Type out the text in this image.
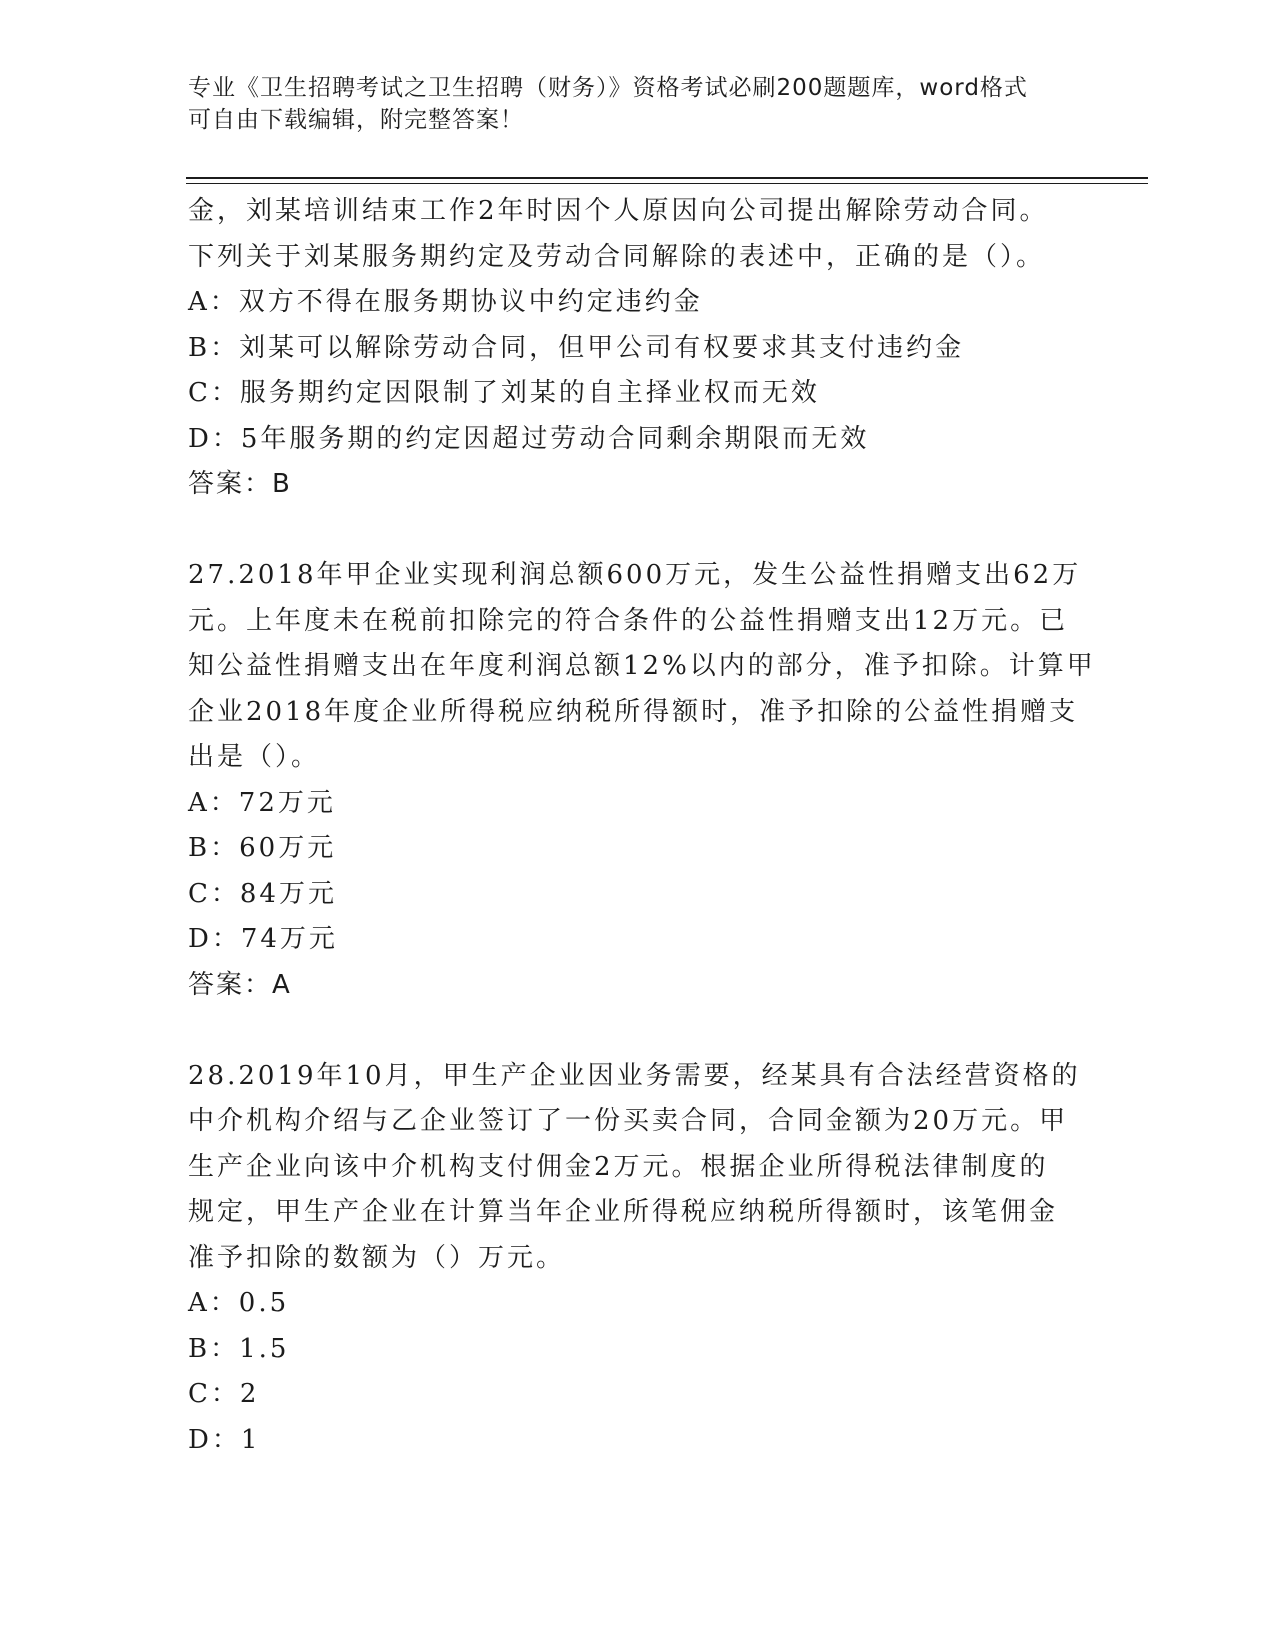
专业《卫生招聘考试之卫生招聘（财务）》资格考试必刷200题题库，word格式
可自由下载编辑，附完整答案！
金，刘某培训结束工作2年时因个人原因向公司提出解除劳动合同。
下列关于刘某服务期约定及劳动合同解除的表述中，正确的是（）。
A：双方不得在服务期协议中约定违约金
B：刘某可以解除劳动合同，但甲公司有权要求其支付违约金
C：服务期约定因限制了刘某的自主择业权而无效
D：5年服务期的约定因超过劳动合同剩余期限而无效
答案：B
27.2018年甲企业实现利润总额600万元，发生公益性捐赠支出62万
元。上年度未在税前扣除完的符合条件的公益性捐赠支出12万元。已
知公益性捐赠支出在年度利润总额12%以内的部分，准予扣除。计算甲
企业2018年度企业所得税应纳税所得额时，准予扣除的公益性捐赠支
出是（）。
A：72万元
B：60万元
C：84万元
D：74万元
答案：A
28.2019年10月，甲生产企业因业务需要，经某具有合法经营资格的
中介机构介绍与乙企业签订了一份买卖合同，合同金额为20万元。甲
生产企业向该中介机构支付佣金2万元。根据企业所得税法律制度的
规定，甲生产企业在计算当年企业所得税应纳税所得额时，该笔佣金
准予扣除的数额为（）万元。
A：0.5
B：1.5
C：2
D：1
